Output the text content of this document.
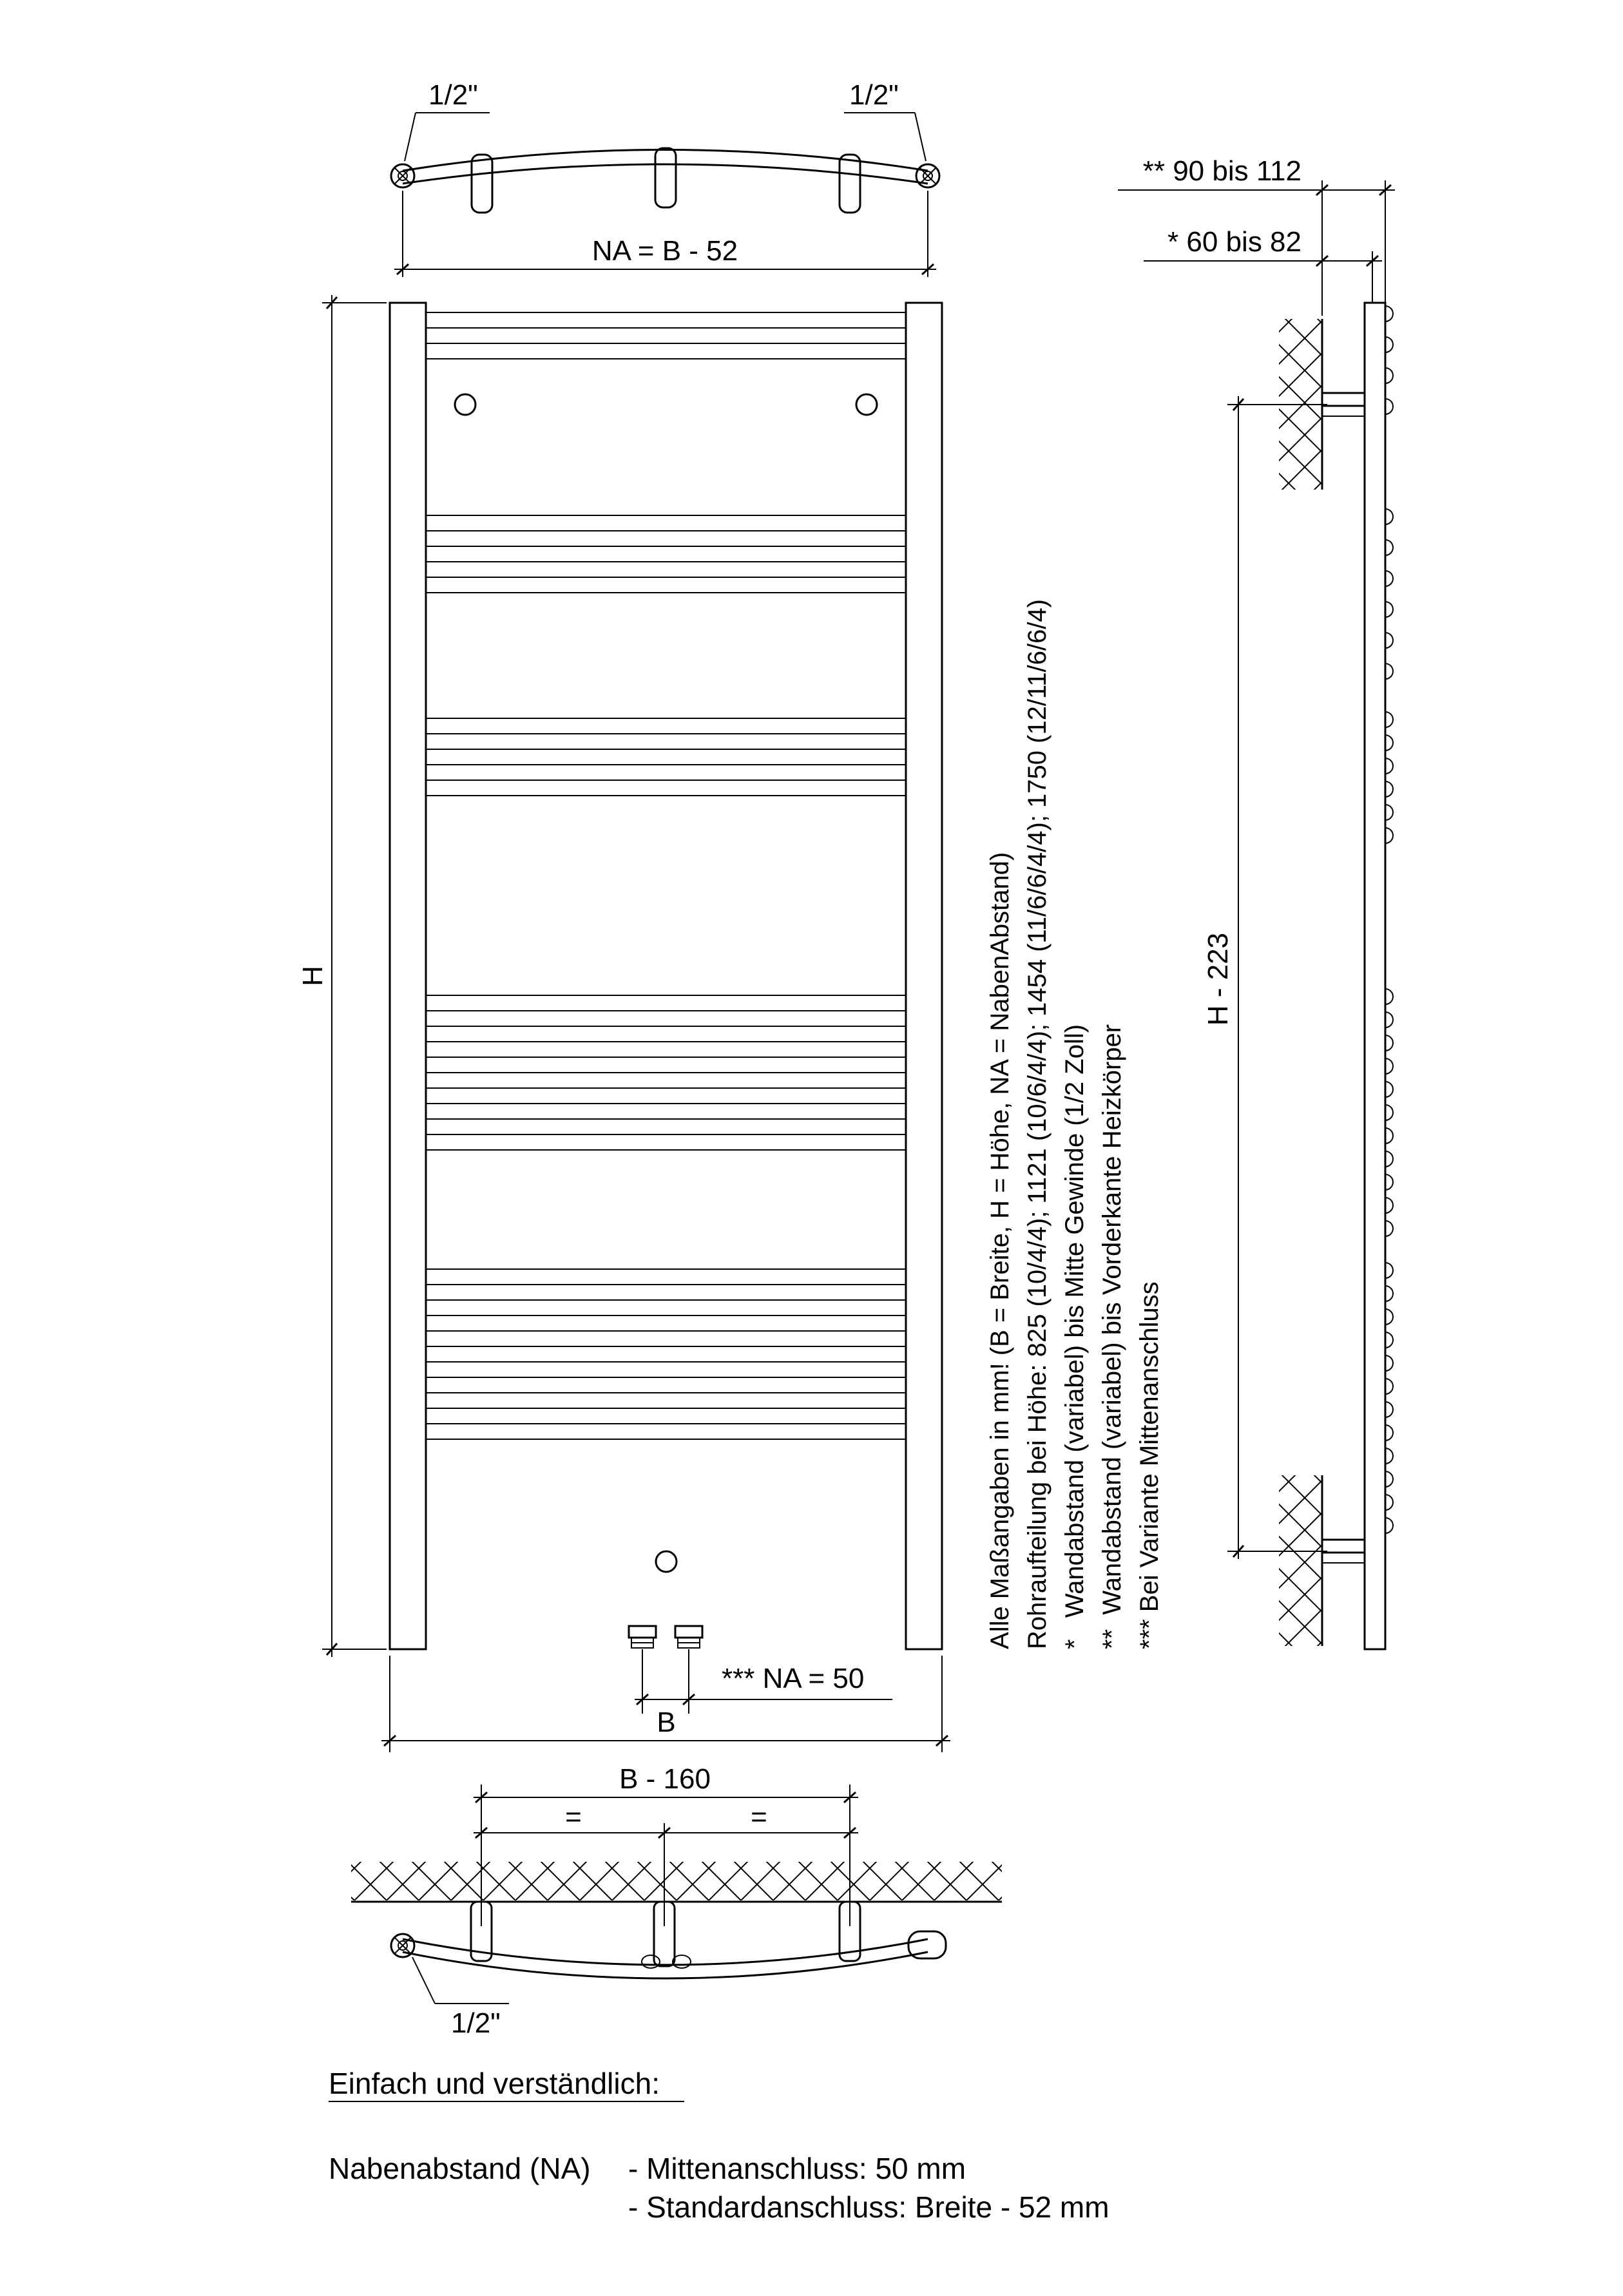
1/2"	1/2"
NA = B - 52
*** NA = 50
B
H	Alle Maßangaben in mm! (B = Breite, H = Höhe, NA = NabenAbstand) Rohraufteilung bei Höhe: 825 (10/4/4); 1121 (10/6/4/4); 1454 (11/6/6/4/4); 1750 (12/11/6/6/4) *   Wandabstand (variabel) bis Mitte Gewinde (1/2 Zoll) **  Wandabstand (variabel) bis Vorderkante Heizkörper *** Bei Variante Mittenanschluss
** 90 bis 112
* 60 bis 82
H - 223
1/2"
B - 160
=	=
Einfach und verständlich:
Nabenabstand (NA) - Mittenanschluss: 50 mm
- Standardanschluss: Breite - 52 mm
